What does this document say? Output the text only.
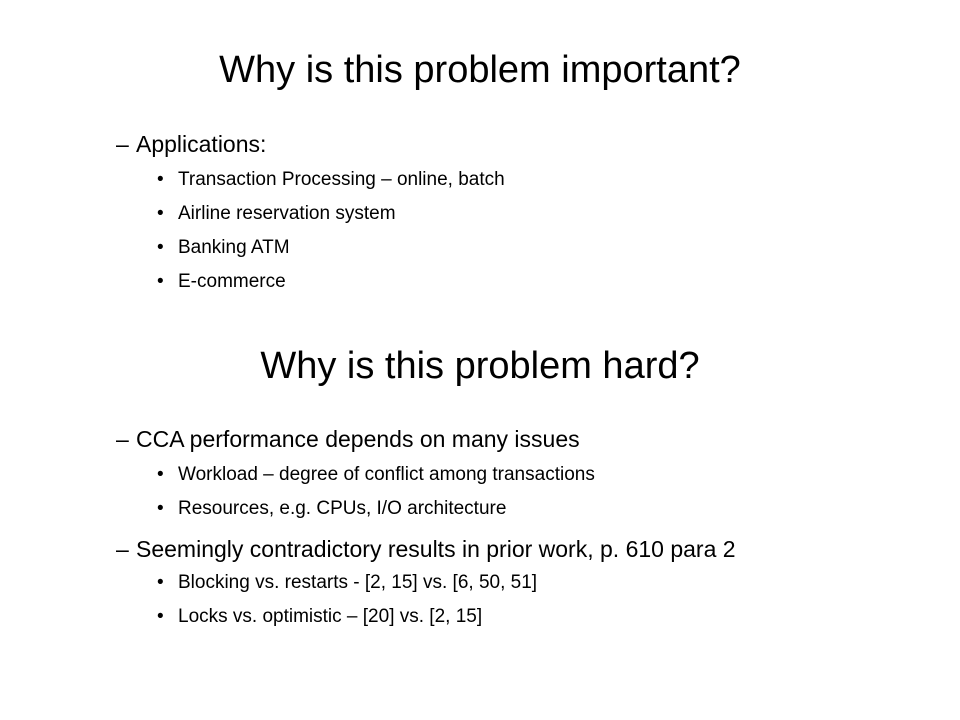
Why is this problem important?
– Applications:
• Transaction Processing – online, batch
• Airline reservation system
• Banking ATM
• E-commerce
Why is this problem hard?
– CCA performance depends on many issues
• Workload – degree of conflict among transactions
• Resources, e.g. CPUs, I/O architecture
– Seemingly contradictory results in prior work, p. 610 para 2
• Blocking vs. restarts - [2, 15] vs. [6, 50, 51]
• Locks vs. optimistic – [20] vs. [2, 15]
